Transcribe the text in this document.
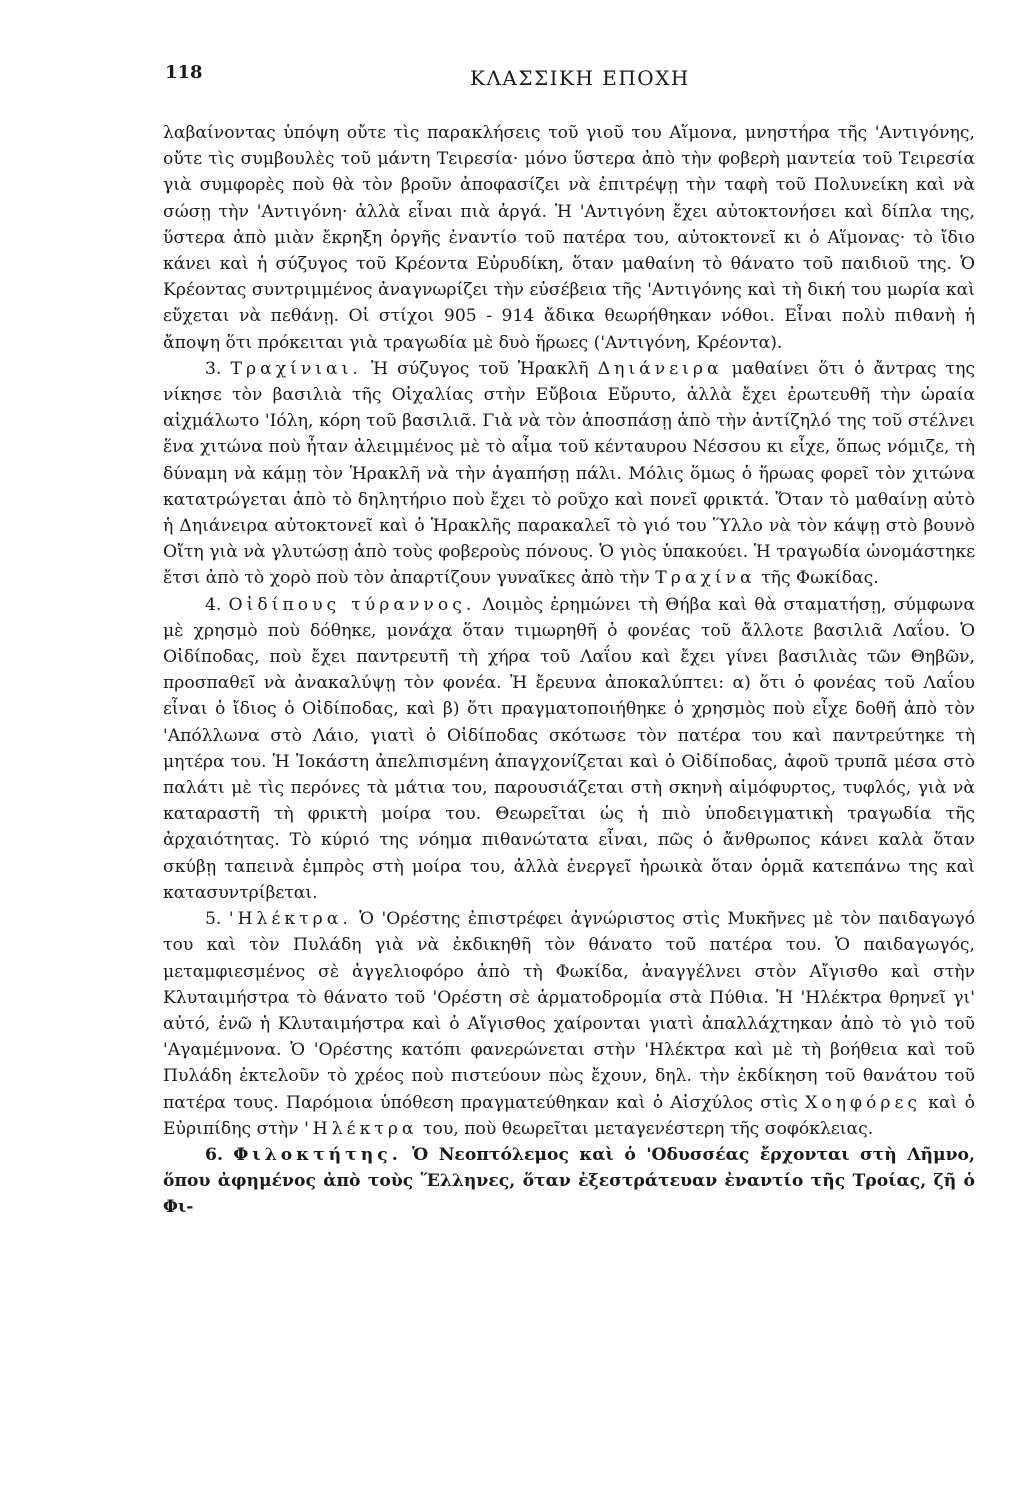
118	ΚΛΑΣΣΙΚΗ ΕΠΟΧΗ

λαβαίνοντας ὑπόψη οὔτε τὶς παρακλήσεις τοῦ γιοῦ του Αἵμονα, μνηστήρα τῆς 'Αντιγόνης, οὔτε τὶς συμβουλὲς τοῦ μάντη Τειρεσία· μόνο ὕστερα ἀπὸ τὴν φοβερὴ μαντεία τοῦ Τειρεσία γιὰ συμφορὲς ποὺ θὰ τὸν βροῦν ἀποφασίζει νὰ ἐπιτρέψῃ τὴν ταφὴ τοῦ Πολυνείκη καὶ νὰ σώσῃ τὴν 'Αντιγόνη· ἀλλὰ εἶναι πιὰ ἀργά. Ἡ 'Αντιγόνη ἔχει αὐτοκτονήσει καὶ δίπλα της, ὕστερα ἀπὸ μιὰν ἔκρηξη ὀργῆς ἐναντίο τοῦ πατέρα του, αὐτοκτονεῖ κι ὁ Αἵμονας· τὸ ἴδιο κάνει καὶ ἡ σύζυγος τοῦ Κρέοντα Εὐρυδίκη, ὅταν μαθαίνη τὸ θάνατο τοῦ παιδιοῦ της. Ὁ Κρέοντας συντριμμένος ἀναγνωρίζει τὴν εὐσέβεια τῆς 'Αντιγόνης καὶ τὴ δική του μωρία καὶ εὔχεται νὰ πεθάνῃ. Οἱ στίχοι 905 - 914 ἄδικα θεωρήθηκαν νόθοι. Εἶναι πολὺ πιθανὴ ἡ ἄποψη ὅτι πρόκειται γιὰ τραγωδία μὲ δυὸ ἥρωες ('Αντιγόνη, Κρέοντα).

3. Τραχίνιαι. Ἡ σύζυγος τοῦ Ἡρακλῆ Δηιάνειρα μαθαίνει ὅτι ὁ ἄντρας της νίκησε τὸν βασιλιὰ τῆς Οἰχαλίας στὴν Εὔβοια Εὔρυτο, ἀλλὰ ἔχει ἐρωτευθῆ τὴν ὡραία αἰχμάλωτο 'Ιόλη, κόρη τοῦ βασιλιᾶ. Γιὰ νὰ τὸν ἀποσπάσῃ ἀπὸ τὴν ἀντίζηλό της τοῦ στέλνει ἕνα χιτώνα ποὺ ἦταν ἀλειμμένος μὲ τὸ αἷμα τοῦ κένταυρου Νέσσου κι εἶχε, ὅπως νόμιζε, τὴ δύναμη νὰ κάμῃ τὸν Ἡρακλῆ νὰ τὴν ἀγαπήσῃ πάλι. Μόλις ὅμως ὁ ἥρωας φορεῖ τὸν χιτώνα κατατρώγεται ἀπὸ τὸ δηλητήριο ποὺ ἔχει τὸ ροῦχο καὶ πονεῖ φρικτά. Ὅταν τὸ μαθαίνῃ αὐτὸ ἡ Δηιάνειρα αὐτοκτονεῖ καὶ ὁ Ἡρακλῆς παρακαλεῖ τὸ γιό του Ὕλλο νὰ τὸν κάψῃ στὸ βουνὸ Οἴτη γιὰ νὰ γλυτώσῃ ἀπὸ τοὺς φοβεροὺς πόνους. Ὁ γιὸς ὑπακούει. Ἡ τραγωδία ὠνομάστηκε ἔτσι ἀπὸ τὸ χορὸ ποὺ τὸν ἀπαρτίζουν γυναῖκες ἀπὸ τὴν Τραχίνα τῆς Φωκίδας.

4. Οἰδίπους τύραννος. Λοιμὸς ἐρημώνει τὴ Θήβα καὶ θὰ σταματήσῃ, σύμφωνα μὲ χρησμὸ ποὺ δόθηκε, μονάχα ὅταν τιμωρηθῆ ὁ φονέας τοῦ ἄλλοτε βασιλιᾶ Λαΐου. Ὁ Οἰδίποδας, ποὺ ἔχει παντρευτῆ τὴ χήρα τοῦ Λαΐου καὶ ἔχει γίνει βασιλιὰς τῶν Θηβῶν, προσπαθεῖ νὰ ἀνακαλύψῃ τὸν φονέα. Ἡ ἔρευνα ἀποκαλύπτει: α) ὅτι ὁ φονέας τοῦ Λαΐου εἶναι ὁ ἴδιος ὁ Οἰδίποδας, καὶ β) ὅτι πραγματοποιήθηκε ὁ χρησμὸς ποὺ εἶχε δοθῆ ἀπὸ τὸν 'Απόλλωνα στὸ Λάιο, γιατὶ ὁ Οἰδίποδας σκότωσε τὸν πατέρα του καὶ παντρεύτηκε τὴ μητέρα του. Ἡ Ἰοκάστη ἀπελπισμένη ἀπαγχονίζεται καὶ ὁ Οἰδίποδας, ἀφοῦ τρυπᾶ μέσα στὸ παλάτι μὲ τὶς περόνες τὰ μάτια του, παρουσιάζεται στὴ σκηνὴ αἱμόφυρτος, τυφλός, γιὰ νὰ καταραστῆ τὴ φρικτὴ μοίρα του. Θεωρεῖται ὡς ἡ πιὸ ὑποδειγματικὴ τραγωδία τῆς ἀρχαιότητας. Τὸ κύριό της νόημα πιθανώτατα εἶναι, πῶς ὁ ἄνθρωπος κάνει καλὰ ὅταν σκύβῃ ταπεινὰ ἐμπρὸς στὴ μοίρα του, ἀλλὰ ἐνεργεῖ ἡρωικὰ ὅταν ὁρμᾶ κατεπάνω της καὶ κατασυντρίβεται.

5. 'Ηλέκτρα. Ὁ 'Ορέστης ἐπιστρέφει ἀγνώριστος στὶς Μυκῆνες μὲ τὸν παιδαγωγό του καὶ τὸν Πυλάδη γιὰ νὰ ἐκδικηθῆ τὸν θάνατο τοῦ πατέρα του. Ὁ παιδαγωγός, μεταμφιεσμένος σὲ ἀγγελιοφόρο ἀπὸ τὴ Φωκίδα, ἀναγγέλνει στὸν Αἴγισθο καὶ στὴν Κλυταιμήστρα τὸ θάνατο τοῦ 'Ορέστη σὲ ἁρματοδρομία στὰ Πύθια. Ἡ 'Ηλέκτρα θρηνεῖ γι' αὐτό, ἐνῶ ἡ Κλυταιμήστρα καὶ ὁ Αἴγισθος χαίρονται γιατὶ ἀπαλλάχτηκαν ἀπὸ τὸ γιὸ τοῦ 'Αγαμέμνονα. Ὁ 'Ορέστης κατόπι φανερώνεται στὴν 'Ηλέκτρα καὶ μὲ τὴ βοήθεια καὶ τοῦ Πυλάδη ἐκτελοῦν τὸ χρέος ποὺ πιστεύουν πὼς ἔχουν, δηλ. τὴν ἐκδίκηση τοῦ θανάτου τοῦ πατέρα τους. Παρόμοια ὑπόθεση πραγματεύθηκαν καὶ ὁ Αἰσχύλος στὶς Χοηφόρες καὶ ὁ Εὐριπίδης στὴν 'Ηλέκτρα του, ποὺ θεωρεῖται μεταγενέστερη τῆς σοφόκλειας.

6. Φιλοκτήτης. Ὁ Νεοπτόλεμος καὶ ὁ 'Οδυσσέας ἔρχονται στὴ Λῆμνο, ὅπου ἀφημένος ἀπὸ τοὺς Ἕλληνες, ὅταν ἐξεστράτευαν ἐναντίο τῆς Τροίας, ζῆ ὁ Φι-
